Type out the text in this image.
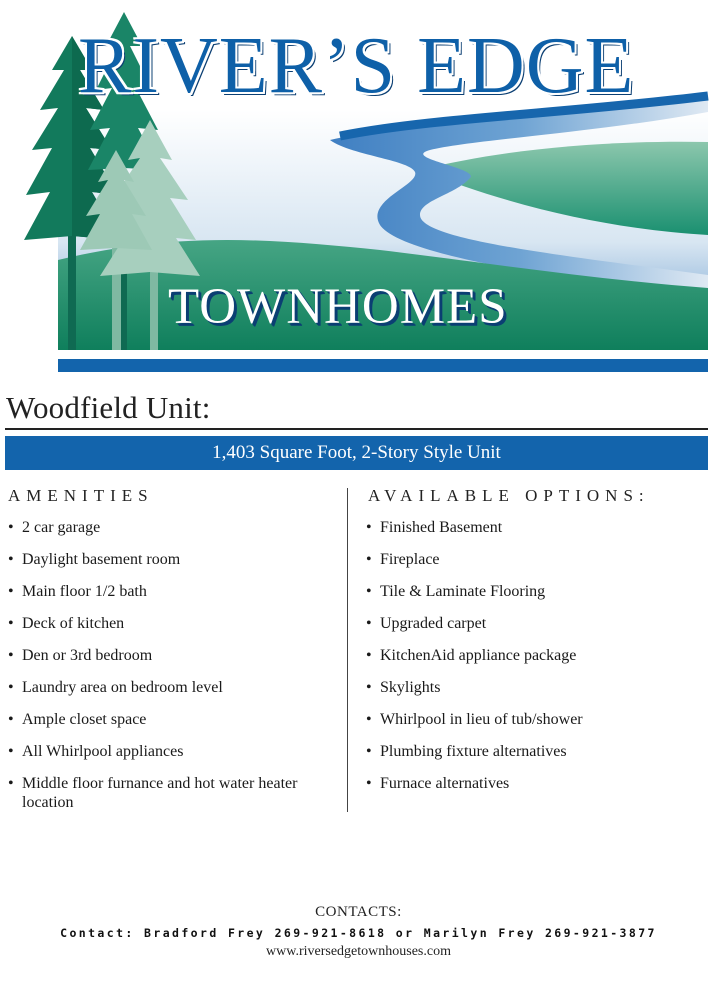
RIVER’S EDGE
TOWNHOMES
Woodfield Unit:
1,403 Square Foot, 2-Story Style Unit
AMENITIES	AVAILABLE OPTIONS:
• 2 car garage
• Daylight basement room
• Main floor 1/2 bath
• Deck of kitchen
• Den or 3rd bedroom
• Laundry area on bedroom level
• Ample closet space
• All Whirlpool appliances
• Middle floor furnance and hot water heater location
• Finished Basement
• Fireplace
• Tile & Laminate Flooring
• Upgraded carpet
• KitchenAid appliance package
• Skylights
• Whirlpool in lieu of tub/shower
• Plumbing fixture alternatives
• Furnace alternatives
CONTACTS:
Contact: Bradford Frey 269-921-8618 or Marilyn Frey 269-921-3877
www.riversedgetownhouses.com
